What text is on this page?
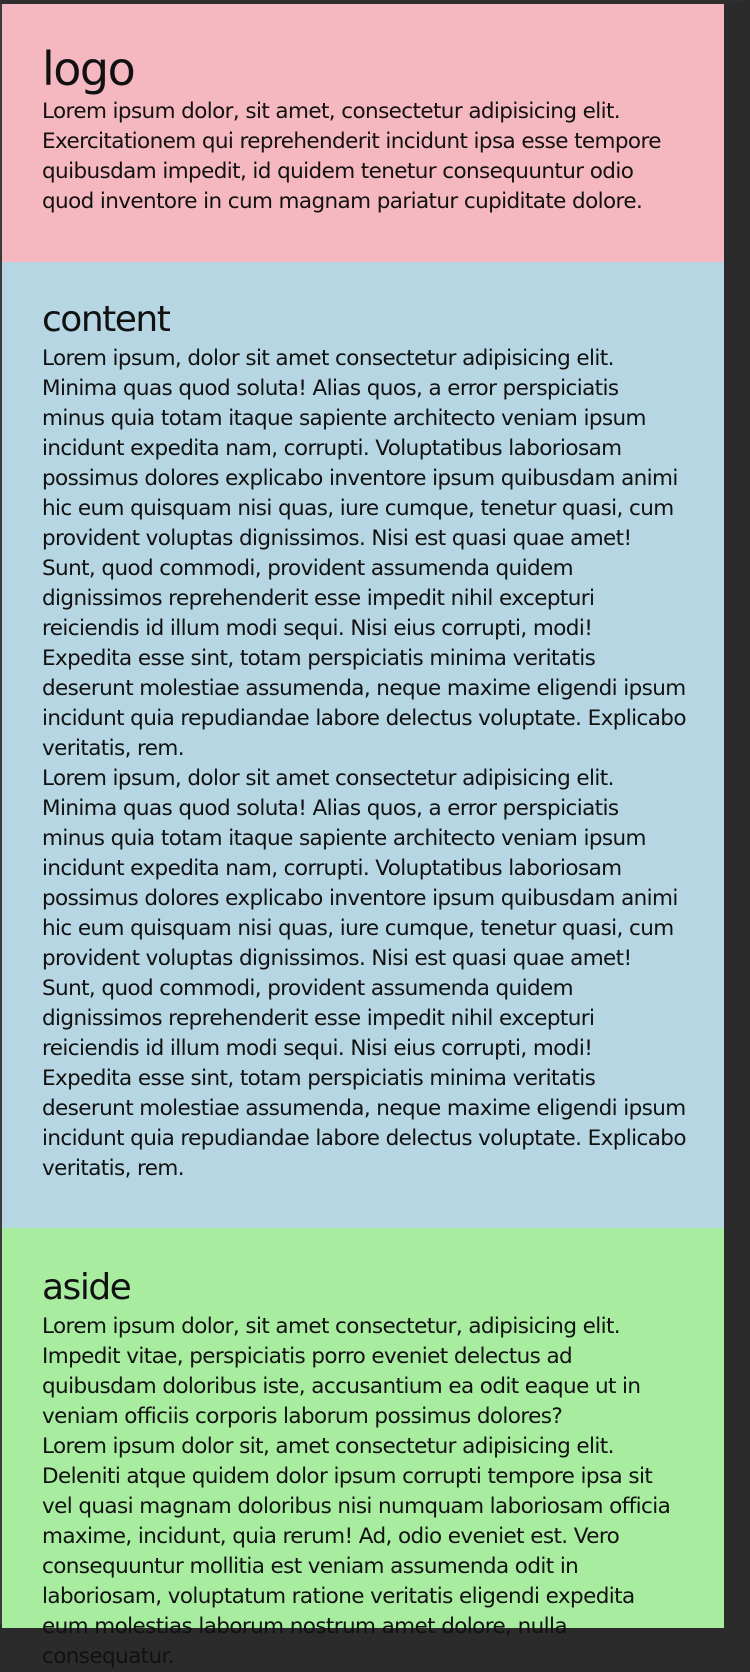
logo

Lorem ipsum dolor, sit amet, consectetur adipisicing elit. Exercitationem qui reprehenderit incidunt ipsa esse tempore quibusdam impedit, id quidem tenetur consequuntur odio quod inventore in cum magnam pariatur cupiditate dolore.

content

Lorem ipsum, dolor sit amet consectetur adipisicing elit. Minima quas quod soluta! Alias quos, a error perspiciatis minus quia totam itaque sapiente architecto veniam ipsum incidunt expedita nam, corrupti. Voluptatibus laboriosam possimus dolores explicabo inventore ipsum quibusdam animi hic eum quisquam nisi quas, iure cumque, tenetur quasi, cum provident voluptas dignissimos. Nisi est quasi quae amet! Sunt, quod commodi, provident assumenda quidem dignissimos reprehenderit esse impedit nihil excepturi reiciendis id illum modi sequi. Nisi eius corrupti, modi! Expedita esse sint, totam perspiciatis minima veritatis deserunt molestiae assumenda, neque maxime eligendi ipsum incidunt quia repudiandae labore delectus voluptate. Explicabo veritatis, rem.

Lorem ipsum, dolor sit amet consectetur adipisicing elit. Minima quas quod soluta! Alias quos, a error perspiciatis minus quia totam itaque sapiente architecto veniam ipsum incidunt expedita nam, corrupti. Voluptatibus laboriosam possimus dolores explicabo inventore ipsum quibusdam animi hic eum quisquam nisi quas, iure cumque, tenetur quasi, cum provident voluptas dignissimos. Nisi est quasi quae amet! Sunt, quod commodi, provident assumenda quidem dignissimos reprehenderit esse impedit nihil excepturi reiciendis id illum modi sequi. Nisi eius corrupti, modi! Expedita esse sint, totam perspiciatis minima veritatis deserunt molestiae assumenda, neque maxime eligendi ipsum incidunt quia repudiandae labore delectus voluptate. Explicabo veritatis, rem.

aside

Lorem ipsum dolor, sit amet consectetur, adipisicing elit. Impedit vitae, perspiciatis porro eveniet delectus ad quibusdam doloribus iste, accusantium ea odit eaque ut in veniam officiis corporis laborum possimus dolores?

Lorem ipsum dolor sit, amet consectetur adipisicing elit. Deleniti atque quidem dolor ipsum corrupti tempore ipsa sit vel quasi magnam doloribus nisi numquam laboriosam officia maxime, incidunt, quia rerum! Ad, odio eveniet est. Vero consequuntur mollitia est veniam assumenda odit in laboriosam, voluptatum ratione veritatis eligendi expedita eum molestias laborum nostrum amet dolore, nulla consequatur.
